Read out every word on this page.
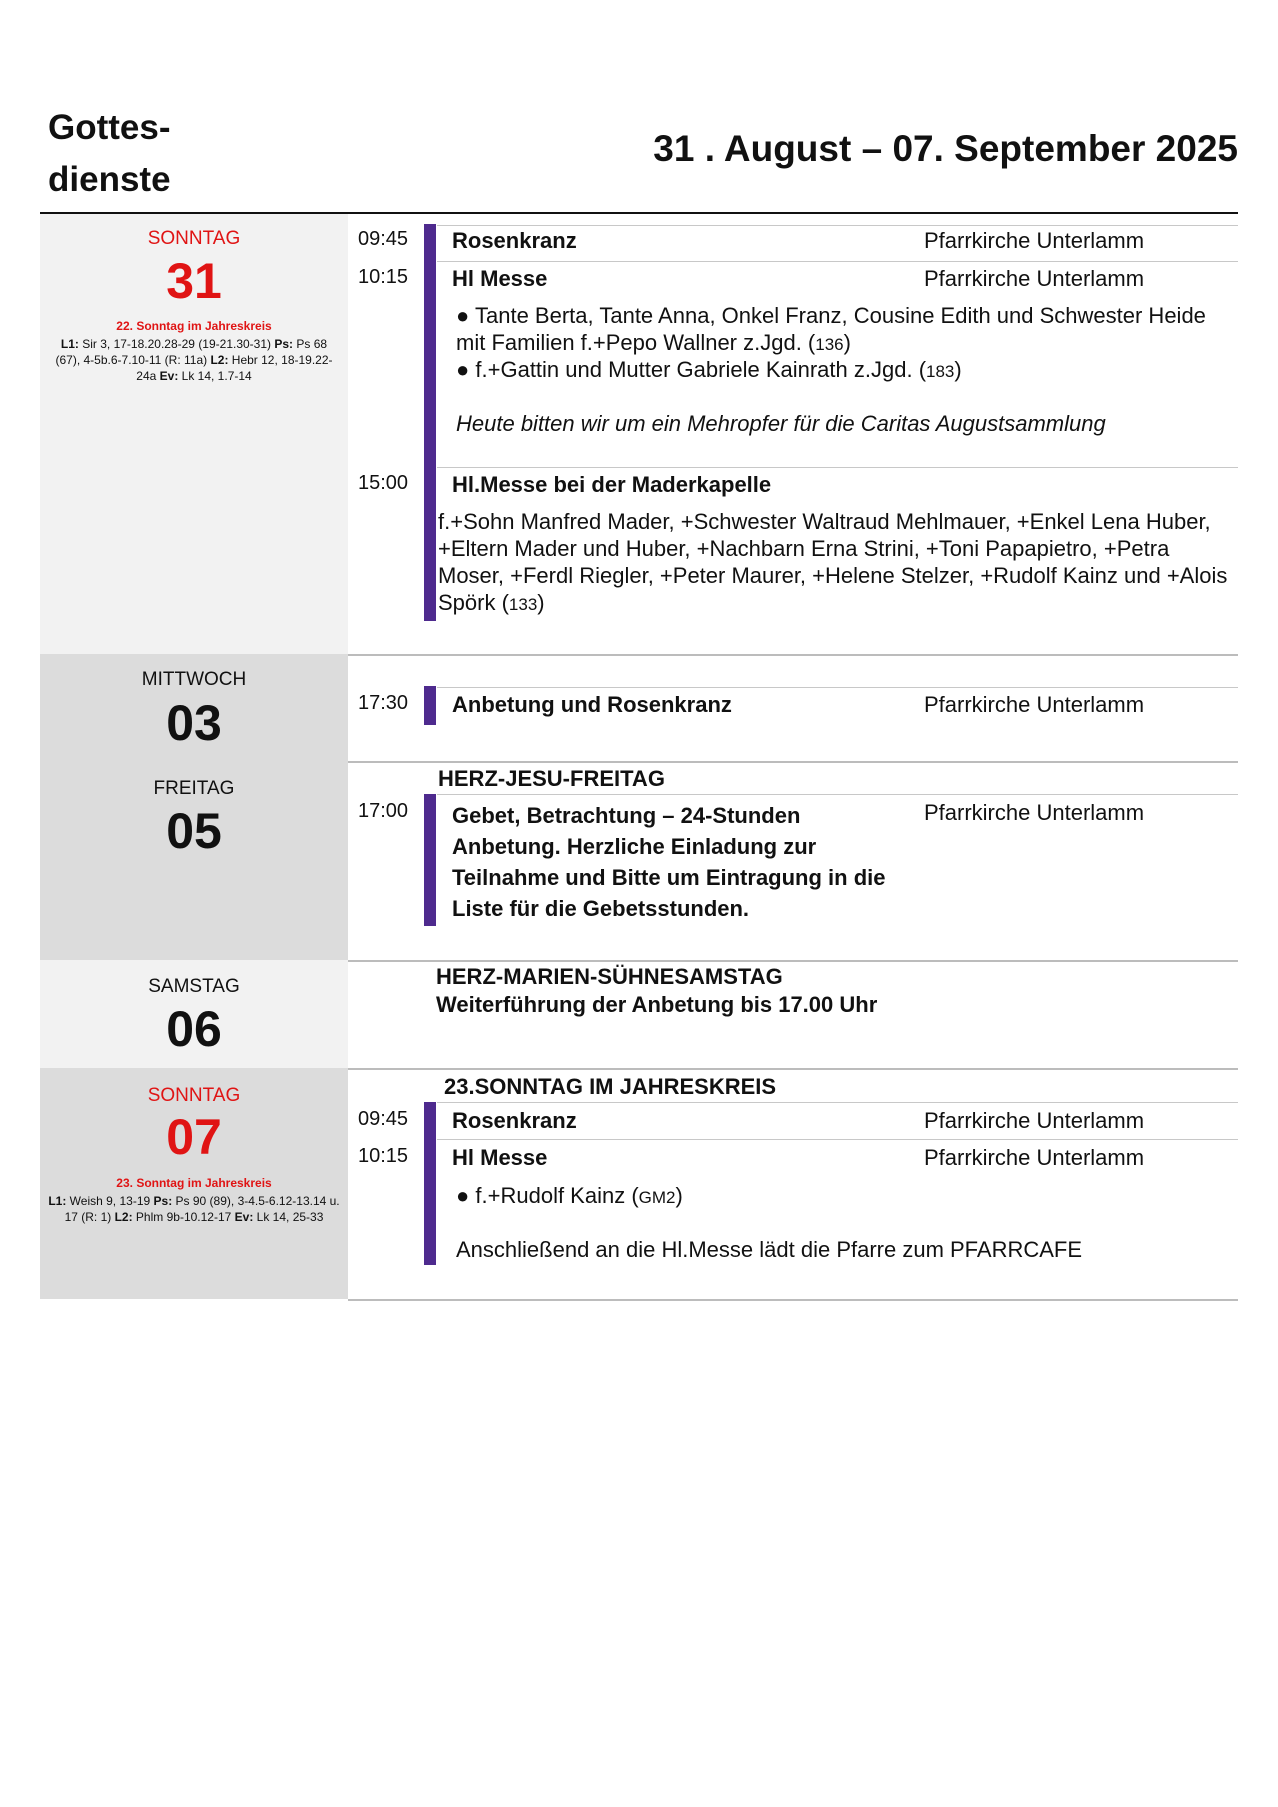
Gottes-
dienste
31 . August – 07. September 2025
SONNTAG
31
22. Sonntag im Jahreskreis
L1: Sir 3, 17-18.20.28-29 (19-21.30-31) Ps: Ps 68 (67), 4-5b.6-7.10-11 (R: 11a) L2: Hebr 12, 18-19.22-24a Ev: Lk 14, 1.7-14
09:45 Rosenkranz	Pfarrkirche Unterlamm
10:15 Hl Messe	Pfarrkirche Unterlamm
● Tante Berta, Tante Anna, Onkel Franz, Cousine Edith und Schwester Heide mit Familien f.+Pepo Wallner z.Jgd. (136)
● f.+Gattin und Mutter Gabriele Kainrath z.Jgd. (183)
Heute bitten wir um ein Mehropfer für die Caritas Augustsammlung
15:00 Hl.Messe bei der Maderkapelle
f.+Sohn Manfred Mader, +Schwester Waltraud Mehlmauer, +Enkel Lena Huber, +Eltern Mader und Huber, +Nachbarn Erna Strini, +Toni Papapietro, +Petra Moser, +Ferdl Riegler, +Peter Maurer, +Helene Stelzer, +Rudolf Kainz und +Alois Spörk (133)
MITTWOCH
03
FREITAG
05
17:30 Anbetung und Rosenkranz	Pfarrkirche Unterlamm
HERZ-JESU-FREITAG
17:00 Gebet, Betrachtung – 24-Stunden
Anbetung. Herzliche Einladung zur
Teilnahme und Bitte um Eintragung in die
Liste für die Gebetsstunden.
Pfarrkirche Unterlamm
SAMSTAG
06
HERZ-MARIEN-SÜHNESAMSTAG
Weiterführung der Anbetung bis 17.00 Uhr
SONNTAG
07
23. Sonntag im Jahreskreis
L1: Weish 9, 13-19 Ps: Ps 90 (89), 3-4.5-6.12-13.14 u. 17 (R: 1) L2: Phlm 9b-10.12-17 Ev: Lk 14, 25-33
23.SONNTAG IM JAHRESKREIS
09:45 Rosenkranz	Pfarrkirche Unterlamm
10:15 Hl Messe	Pfarrkirche Unterlamm
● f.+Rudolf Kainz (GM2)
Anschließend an die Hl.Messe lädt die Pfarre zum PFARRCAFE
